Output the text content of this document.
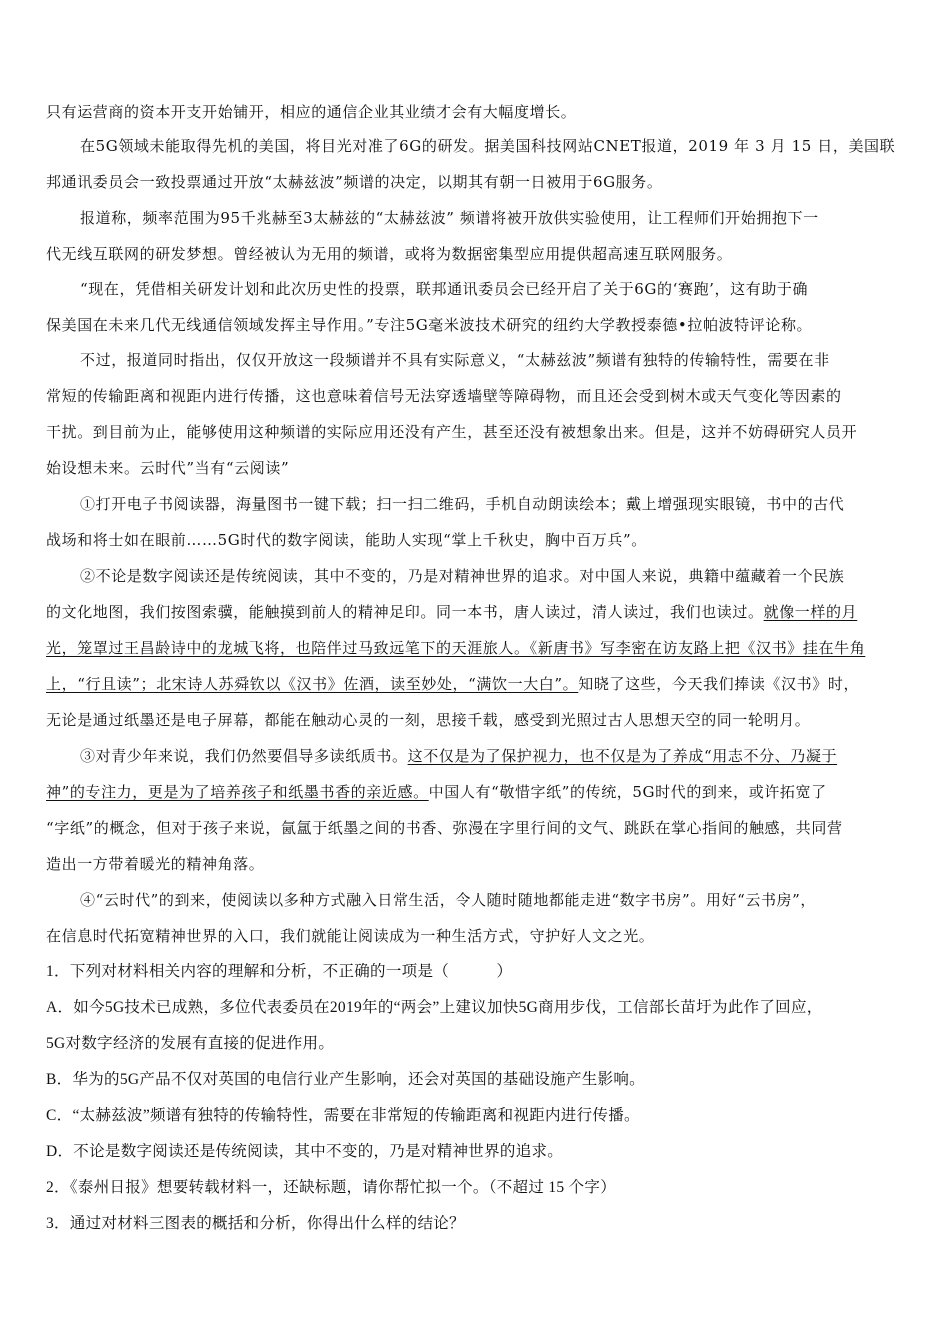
只有运营商的资本开支开始铺开，相应的通信企业其业绩才会有大幅度增长。
在5G领域未能取得先机的美国，将目光对准了6G的研发。据美国科技网站CNET报道，2019 年 3 月 15 日，美国联
邦通讯委员会一致投票通过开放“太赫兹波”频谱的决定，以期其有朝一日被用于6G服务。
报道称，频率范围为95千兆赫至3太赫兹的“太赫兹波” 频谱将被开放供实验使用，让工程师们开始拥抱下一
代无线互联网的研发梦想。曾经被认为无用的频谱，或将为数据密集型应用提供超高速互联网服务。
“现在，凭借相关研发计划和此次历史性的投票，联邦通讯委员会已经开启了关于6G的‘赛跑’，这有助于确
保美国在未来几代无线通信领域发挥主导作用。”专注5G毫米波技术研究的纽约大学教授泰德•拉帕波特评论称。
不过，报道同时指出，仅仅开放这一段频谱并不具有实际意义，“太赫兹波”频谱有独特的传输特性，需要在非
常短的传输距离和视距内进行传播，这也意味着信号无法穿透墙壁等障碍物，而且还会受到树木或天气变化等因素的
干扰。到目前为止，能够使用这种频谱的实际应用还没有产生，甚至还没有被想象出来。但是，这并不妨碍研究人员开
始设想未来。云时代”当有“云阅读”
①打开电子书阅读器，海量图书一键下载；扫一扫二维码，手机自动朗读绘本；戴上增强现实眼镜，书中的古代
战场和将士如在眼前……5G时代的数字阅读，能助人实现“掌上千秋史，胸中百万兵”。
②不论是数字阅读还是传统阅读，其中不变的，乃是对精神世界的追求。对中国人来说，典籍中蕴藏着一个民族
的文化地图，我们按图索骥，能触摸到前人的精神足印。同一本书，唐人读过，清人读过，我们也读过。就像一样的月
光，笼罩过王昌龄诗中的龙城飞将，也陪伴过马致远笔下的天涯旅人。《新唐书》写李密在访友路上把《汉书》挂在牛角
上，“行且读”；北宋诗人苏舜钦以《汉书》佐酒，读至妙处，“满饮一大白”。知晓了这些，今天我们捧读《汉书》时，
无论是通过纸墨还是电子屏幕，都能在触动心灵的一刻，思接千载，感受到光照过古人思想天空的同一轮明月。
③对青少年来说，我们仍然要倡导多读纸质书。这不仅是为了保护视力，也不仅是为了养成“用志不分、乃凝于
神”的专注力，更是为了培养孩子和纸墨书香的亲近感。中国人有“敬惜字纸”的传统，5G时代的到来，或许拓宽了
“字纸”的概念，但对于孩子来说，氤氲于纸墨之间的书香、弥漫在字里行间的文气、跳跃在掌心指间的触感，共同营
造出一方带着暖光的精神角落。
④“云时代”的到来，使阅读以多种方式融入日常生活，令人随时随地都能走进“数字书房”。用好“云书房”，
在信息时代拓宽精神世界的入口，我们就能让阅读成为一种生活方式，守护好人文之光。
1．下列对材料相关内容的理解和分析，不正确的一项是（　　　）
A．如今5G技术已成熟，多位代表委员在2019年的“两会”上建议加快5G商用步伐，工信部长苗圩为此作了回应，
5G对数字经济的发展有直接的促进作用。
B．华为的5G产品不仅对英国的电信行业产生影响，还会对英国的基础设施产生影响。
C．“太赫兹波”频谱有独特的传输特性，需要在非常短的传输距离和视距内进行传播。
D．不论是数字阅读还是传统阅读，其中不变的，乃是对精神世界的追求。
2．《泰州日报》想要转载材料一，还缺标题，请你帮忙拟一个。（不超过 15 个字）
3．通过对材料三图表的概括和分析，你得出什么样的结论？
